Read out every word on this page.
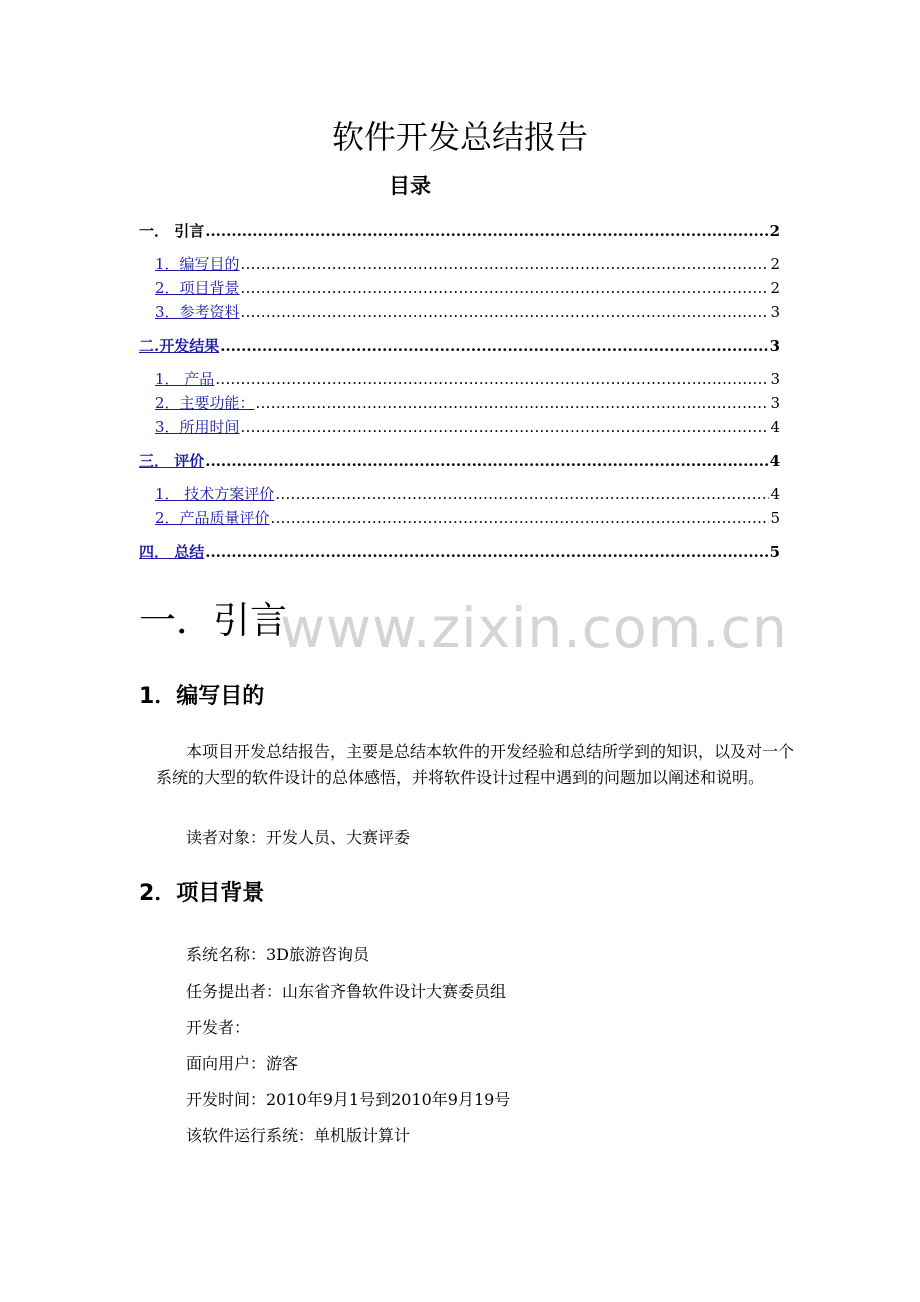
软件开发总结报告
目录
一． 引言 .....	2
1．编写目的 .....	2
2．项目背景 .....	2
3．参考资料 .....	3
二.开发结果 .....	3
1． 产品 .....	3
2．主要功能： .....	3
3．所用时间 .....	4
三． 评价 .....	4
1． 技术方案评价 .....	4
2．产品质量评价 .....	5
四． 总结 .....	5
www.zixin.com.cn
一．引言
1．编写目的
本项目开发总结报告，主要是总结本软件的开发经验和总结所学到的知识，以及对一个系统的大型的软件设计的总体感悟，并将软件设计过程中遇到的问题加以阐述和说明。
读者对象：开发人员、大赛评委
2．项目背景
系统名称：3D旅游咨询员
任务提出者：山东省齐鲁软件设计大赛委员组
开发者：
面向用户：游客
开发时间：2010年9月1号到2010年9月19号
该软件运行系统：单机版计算计
